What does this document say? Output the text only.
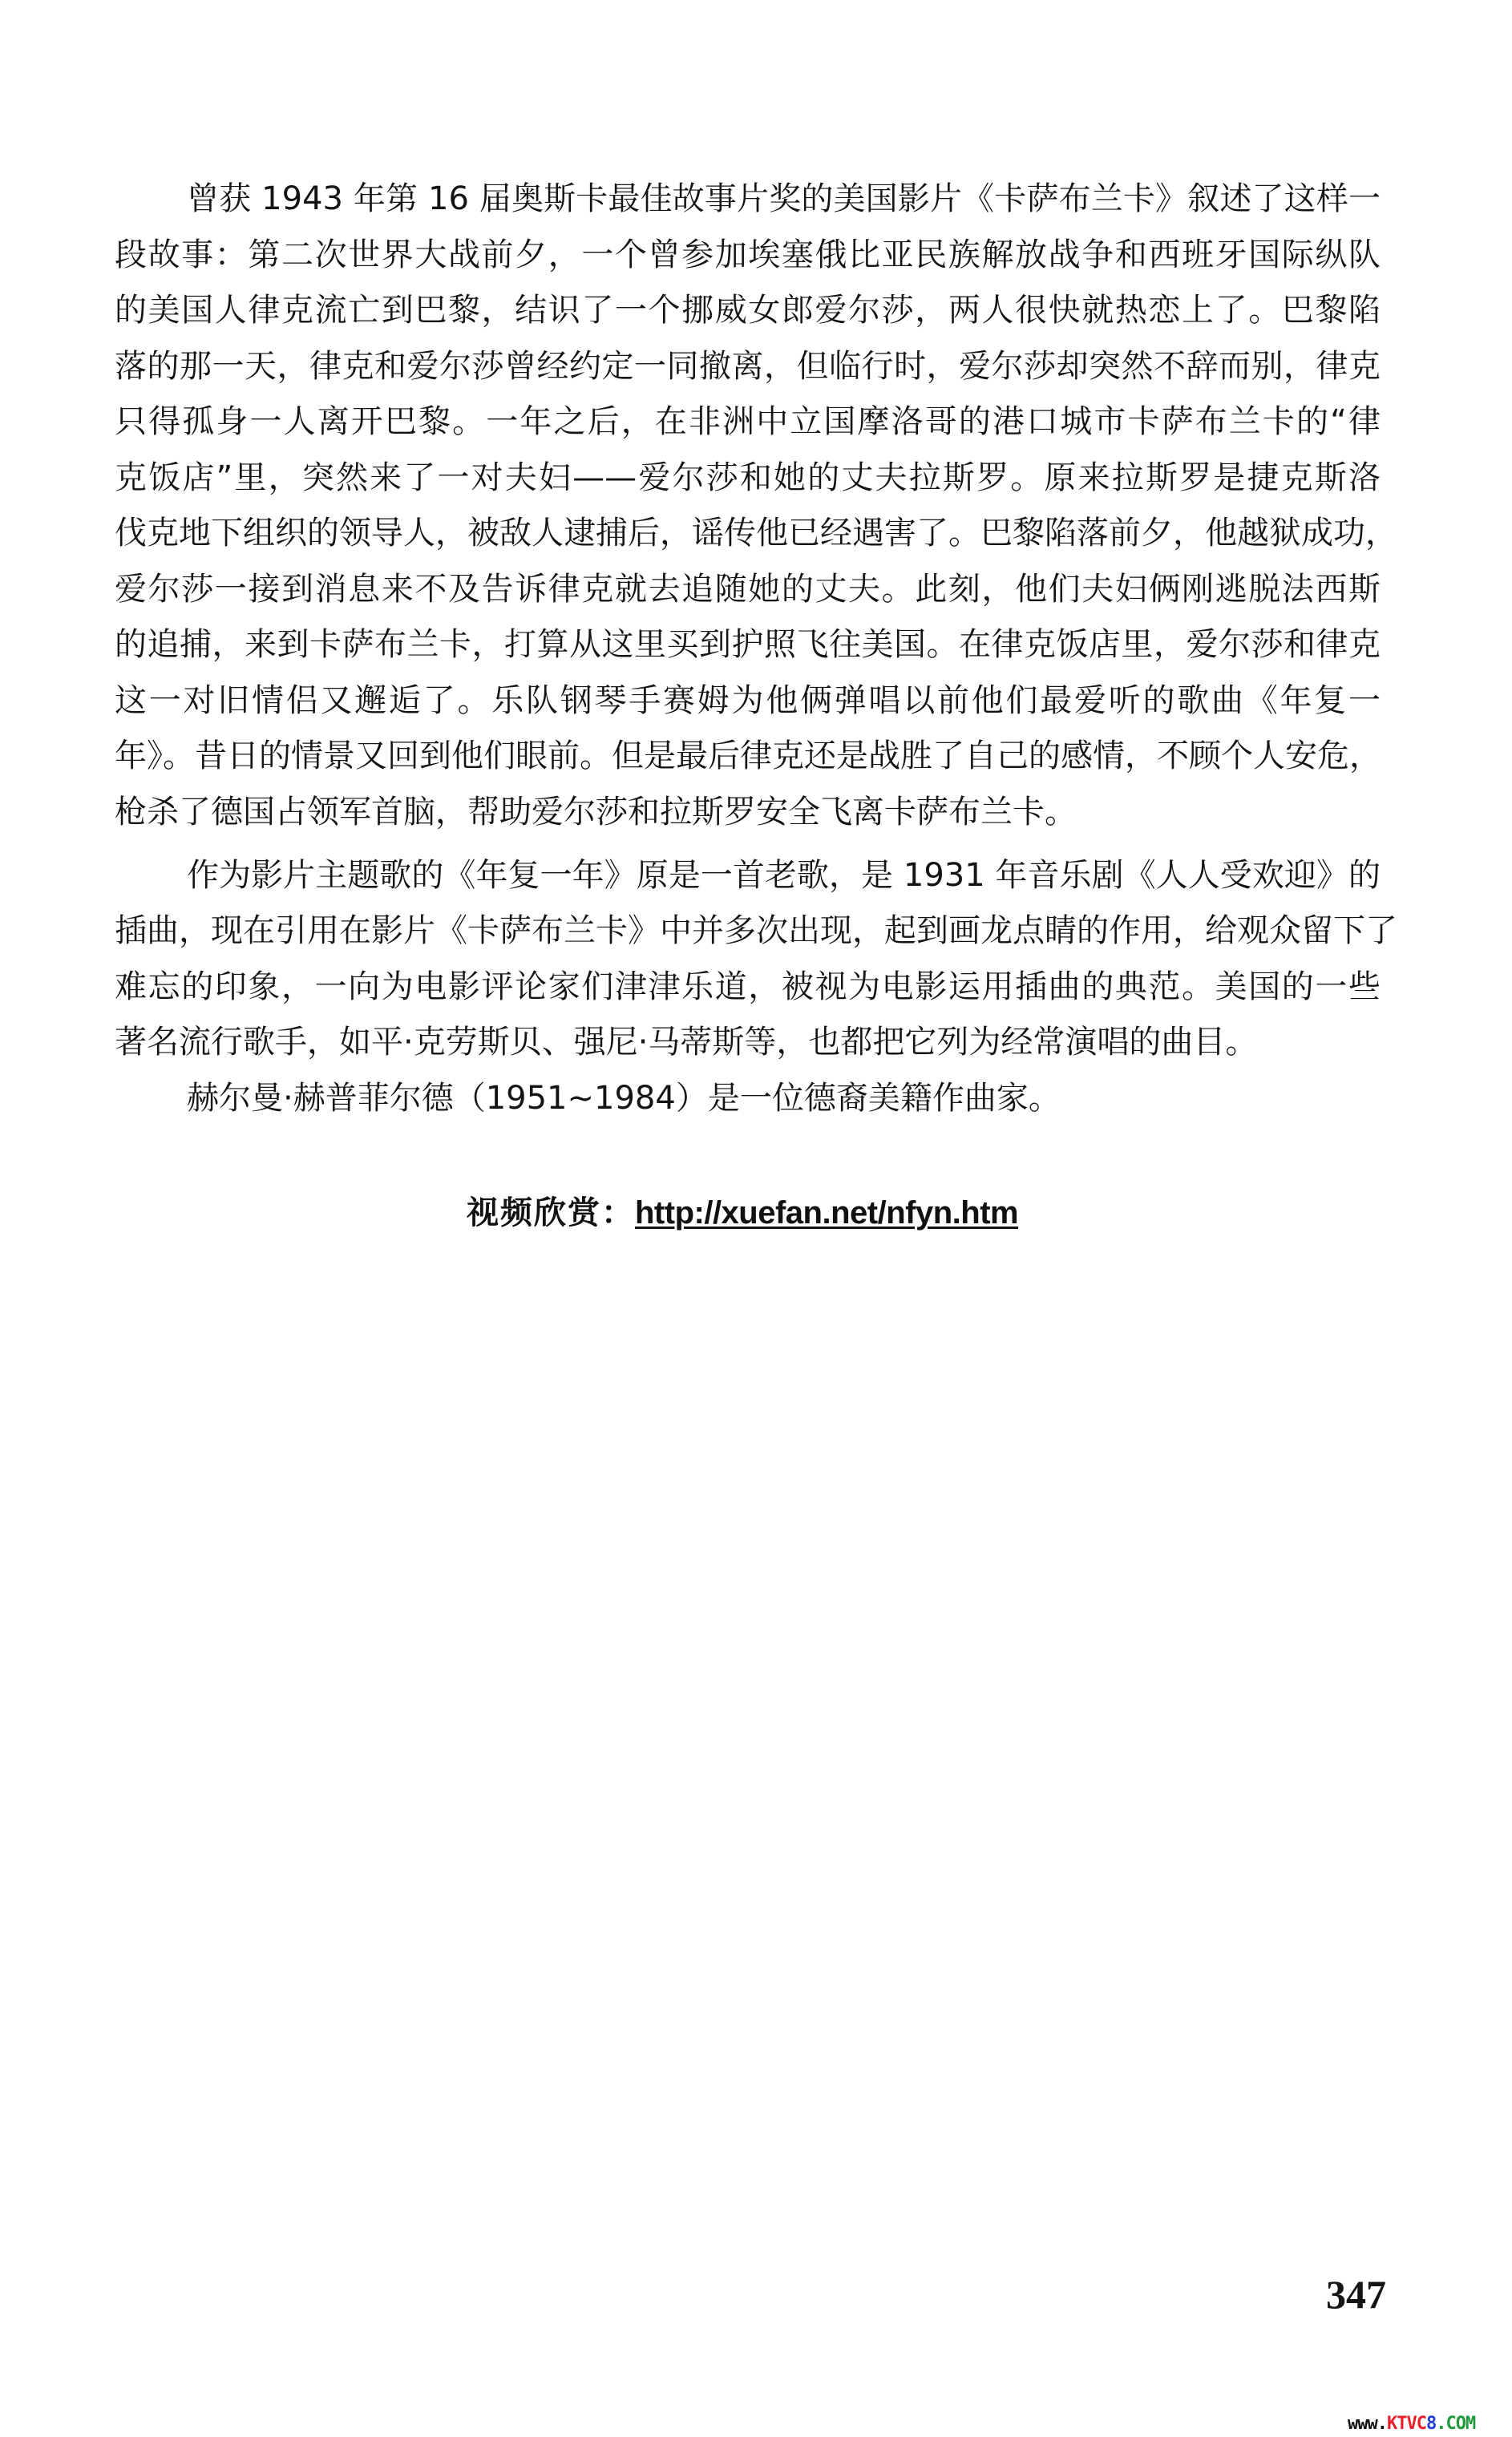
曾获 1943 年第 16 届奥斯卡最佳故事片奖的美国影片《卡萨布兰卡》叙述了这样一
段故事：第二次世界大战前夕，一个曾参加埃塞俄比亚民族解放战争和西班牙国际纵队
的美国人律克流亡到巴黎，结识了一个挪威女郎爱尔莎，两人很快就热恋上了。巴黎陷
落的那一天，律克和爱尔莎曾经约定一同撤离，但临行时，爱尔莎却突然不辞而别，律克
只得孤身一人离开巴黎。一年之后，在非洲中立国摩洛哥的港口城市卡萨布兰卡的“律
克饭店”里，突然来了一对夫妇——爱尔莎和她的丈夫拉斯罗。原来拉斯罗是捷克斯洛
伐克地下组织的领导人，被敌人逮捕后，谣传他已经遇害了。巴黎陷落前夕，他越狱成功，
爱尔莎一接到消息来不及告诉律克就去追随她的丈夫。此刻，他们夫妇俩刚逃脱法西斯
的追捕，来到卡萨布兰卡，打算从这里买到护照飞往美国。在律克饭店里，爱尔莎和律克
这一对旧情侣又邂逅了。乐队钢琴手赛姆为他俩弹唱以前他们最爱听的歌曲《年复一
年》。昔日的情景又回到他们眼前。但是最后律克还是战胜了自己的感情，不顾个人安危，
枪杀了德国占领军首脑，帮助爱尔莎和拉斯罗安全飞离卡萨布兰卡。
作为影片主题歌的《年复一年》原是一首老歌，是 1931 年音乐剧《人人受欢迎》的
插曲，现在引用在影片《卡萨布兰卡》中并多次出现，起到画龙点睛的作用，给观众留下了
难忘的印象，一向为电影评论家们津津乐道，被视为电影运用插曲的典范。美国的一些
著名流行歌手，如平·克劳斯贝、强尼·马蒂斯等，也都把它列为经常演唱的曲目。
赫尔曼·赫普菲尔德（1951~1984）是一位德裔美籍作曲家。
视频欣赏：http://xuefan.net/nfyn.htm
347
www.KTVC8.COM
